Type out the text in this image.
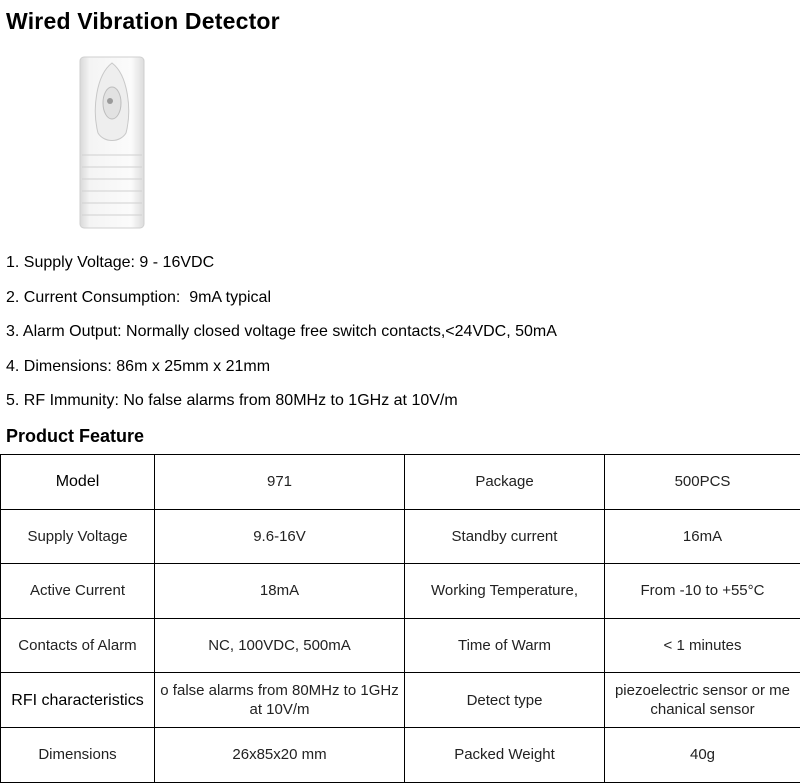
Wired Vibration Detector
1. Supply Voltage: 9 - 16VDC
2. Current Consumption:  9mA typical
3. Alarm Output: Normally closed voltage free switch contacts,<24VDC, 50mA
4. Dimensions: 86m x 25mm x 21mm
5. RF Immunity: No false alarms from 80MHz to 1GHz at 10V/m
Product Feature
Model	971	Package	500PCS
Supply Voltage	9.6-16V	Standby current	16mA
Active Current	18mA	Working Temperature,	From -10 to +55°C
Contacts of Alarm	NC, 100VDC, 500mA	Time of Warm	< 1 minutes
RFI characteristics	o false alarms from 80MHz to 1GHz at 10V/m	Detect type	piezoelectric sensor or me chanical sensor
Dimensions	26x85x20 mm	Packed Weight	40g
